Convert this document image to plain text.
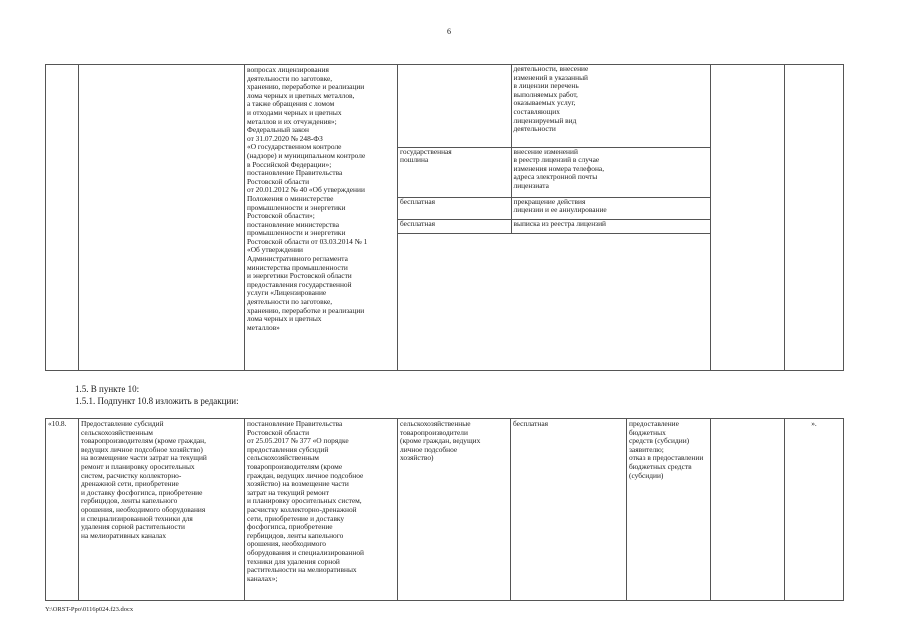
6
		вопросах лицензирования
деятельности по заготовке,
хранению, переработке и реализации
лома черных и цветных металлов,
а также обращения с ломом
и отходами черных и цветных
металлов и их отчуждения»;
Федеральный закон
от 31.07.2020 № 248-ФЗ
«О государственном контроле
(надзоре) и муниципальном контроле
в Российской Федерации»;
постановление Правительства
Ростовской области
от 20.01.2012 № 40 «Об утверждении
Положения о министерстве
промышленности и энергетики
Ростовской области»;
постановление министерства
промышленности и энергетики
Ростовской области от 03.03.2014 № 1
«Об утверждении
Административного регламента
министерства промышленности
и энергетики Ростовской области
предоставления государственной
услуги «Лицензирование
деятельности по заготовке,
хранению, переработке и реализации
лома черных и цветных
металлов»	
	деятельности, внесение
изменений в указанный
в лицензии перечень
выполняемых работ,
оказываемых услуг,
составляющих
лицензируемый вид
деятельности
государственная
пошлина	внесение изменений
в реестр лицензий в случае
изменения номера телефона,
адреса электронной почты
лицензиата
бесплатная	прекращение действия
лицензии и ее аннулирование
бесплатная	выписка из реестра лицензий

1.5. В пункте 10:
1.5.1. Подпункт 10.8 изложить в редакции:
«10.8.	Предоставление субсидий
сельскохозяйственным
товаропроизводителям (кроме граждан,
ведущих личное подсобное хозяйство)
на возмещение части затрат на текущий
ремонт и планировку оросительных
систем, расчистку коллекторно-
дренажной сети, приобретение
и доставку фосфогипса, приобретение
гербицидов, ленты капельного
орошения, необходимого оборудования
и специализированной техники для
удаления сорной растительности
на мелиоративных каналах	постановление Правительства
Ростовской области
от 25.05.2017 № 377 «О порядке
предоставления субсидий
сельскохозяйственным
товаропроизводителям (кроме
граждан, ведущих личное подсобное
хозяйство) на возмещение части
затрат на текущий ремонт
и планировку оросительных систем,
расчистку коллекторно-дренажной
сети, приобретение и доставку
фосфогипса, приобретение
гербицидов, ленты капельного
орошения, необходимого
оборудования и специализированной
техники для удаления сорной
растительности на мелиоративных
каналах»;	сельскохозяйственные
товаропроизводители
(кроме граждан, ведущих
личное подсобное
хозяйство)	бесплатная	предоставление бюджетных
средств (субсидии)
заявителю;
отказ в предоставлении
бюджетных средств
(субсидии)		».
Y:\ORST-Ppo\0116p024.f23.docx
